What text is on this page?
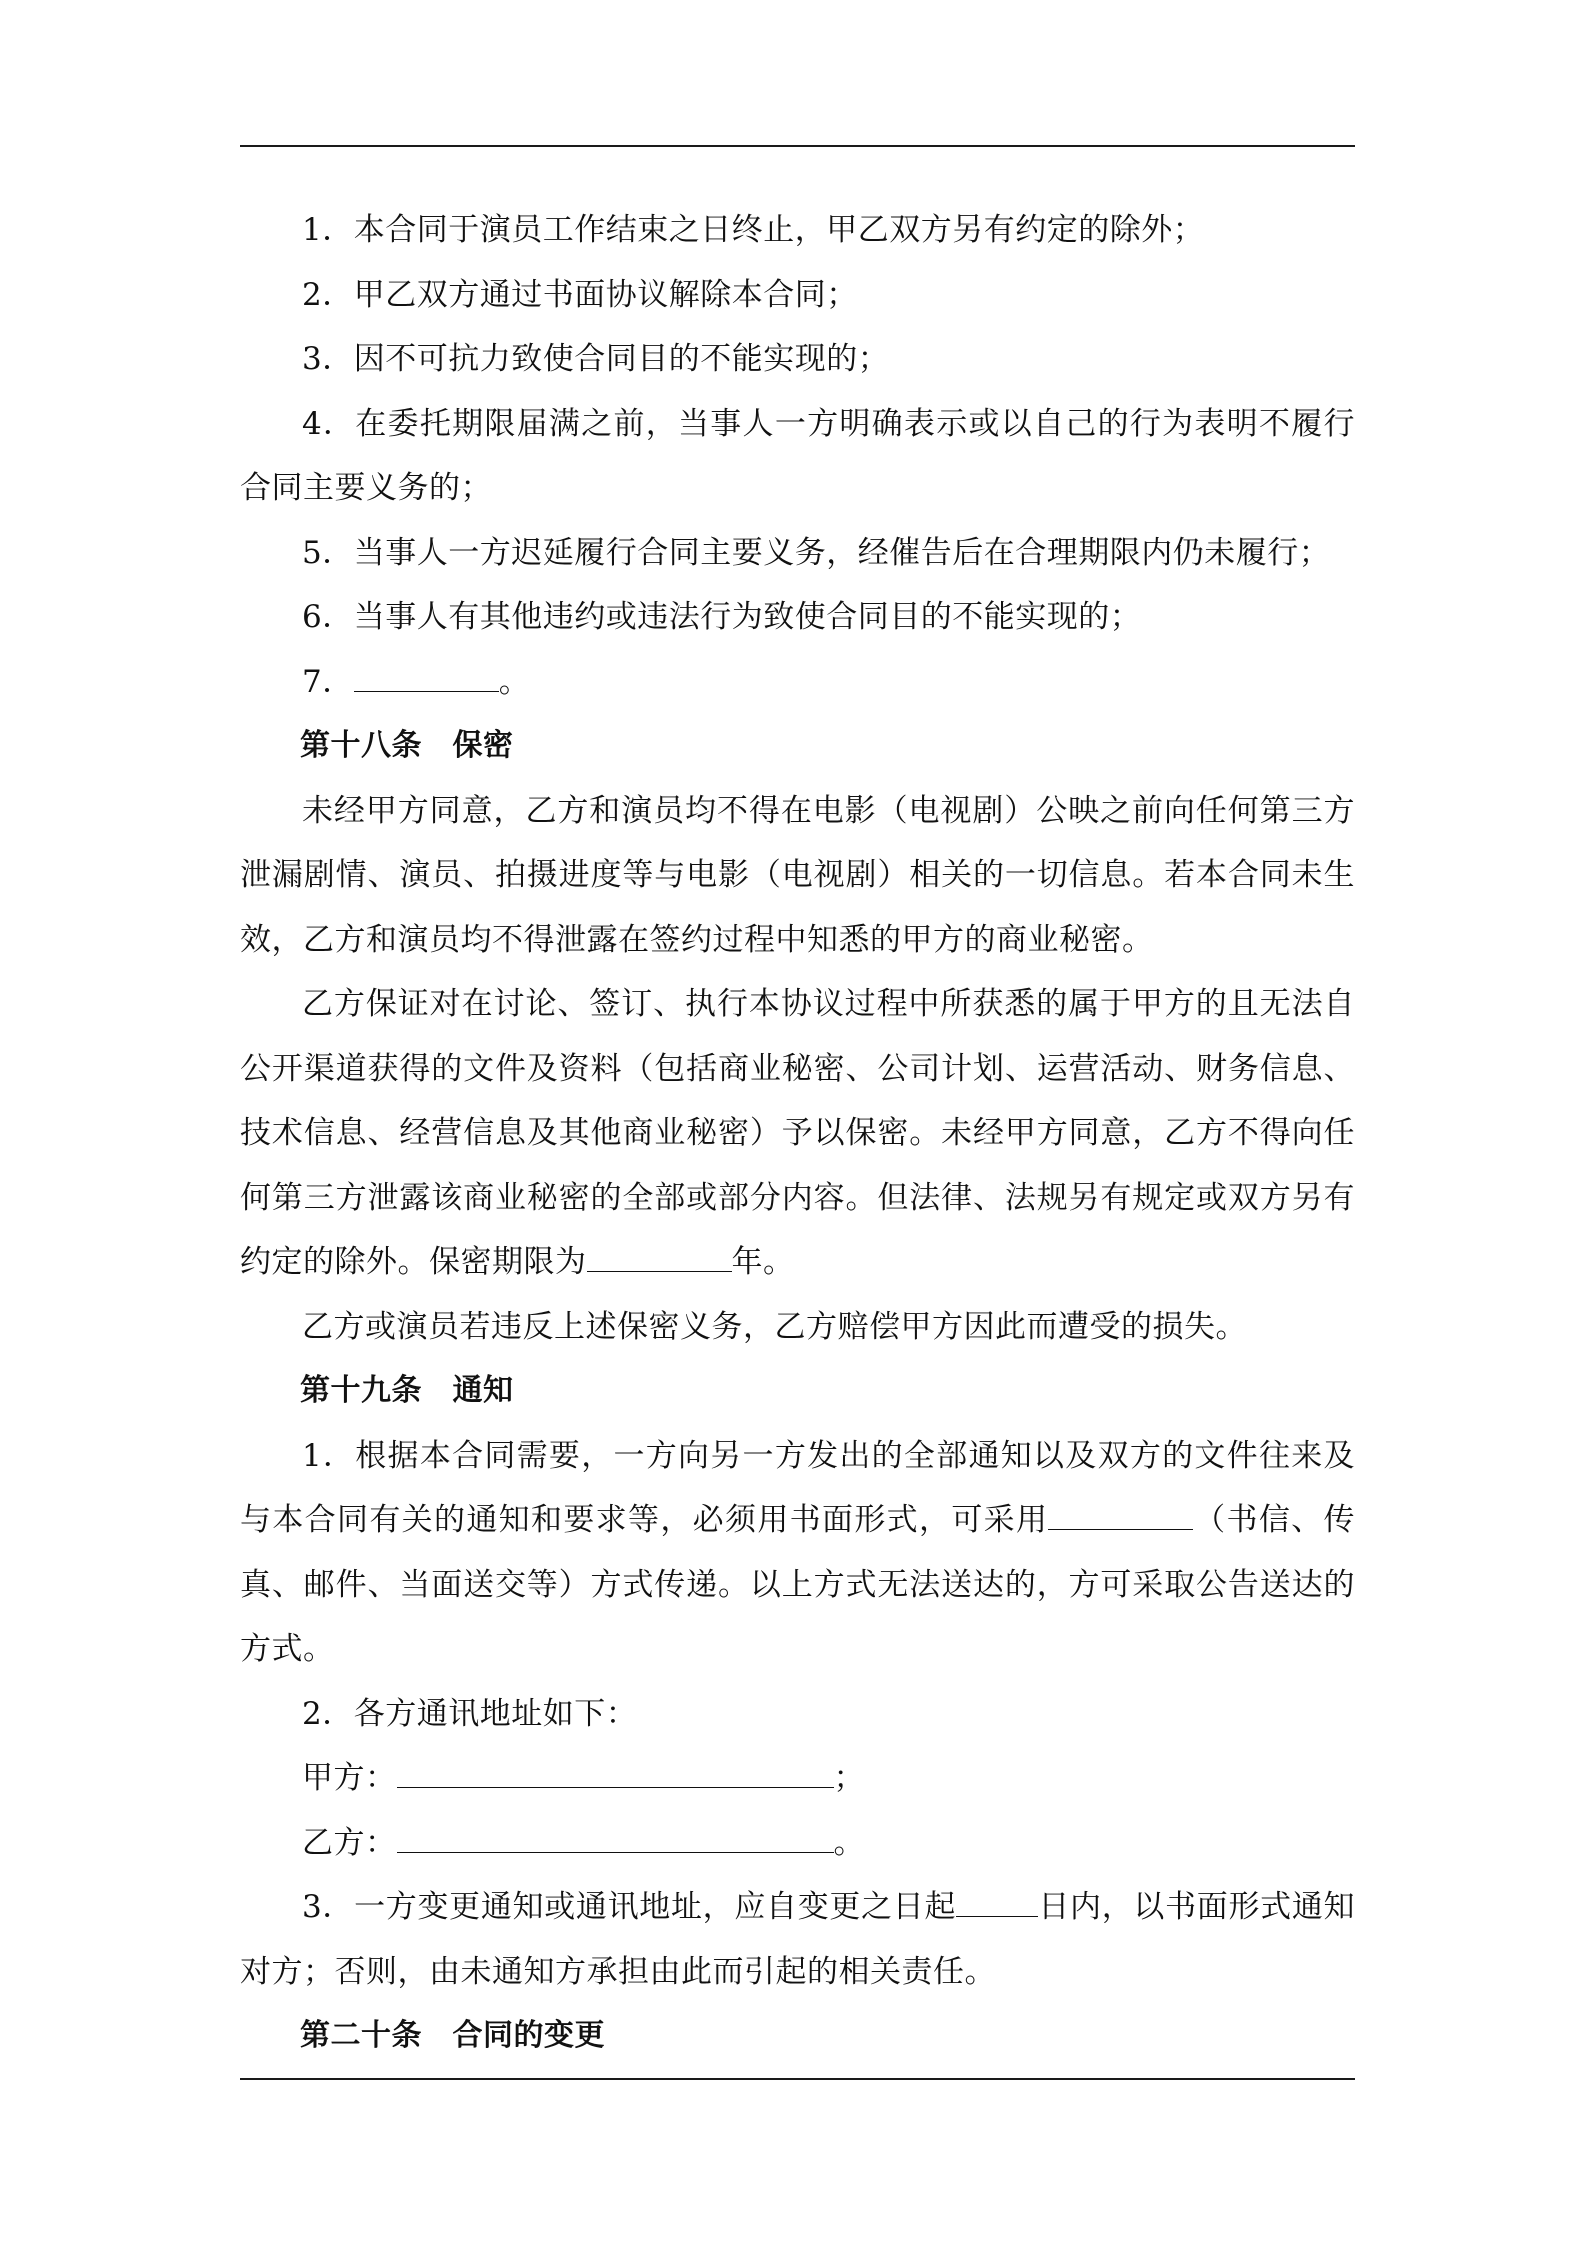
1．本合同于演员工作结束之日终止，甲乙双方另有约定的除外；

2．甲乙双方通过书面协议解除本合同；

3．因不可抗力致使合同目的不能实现的；

4．在委托期限届满之前，当事人一方明确表示或以自己的行为表明不履行合同主要义务的；

5．当事人一方迟延履行合同主要义务，经催告后在合理期限内仍未履行；

6．当事人有其他违约或违法行为致使合同目的不能实现的；

7．	。

第十八条　保密

未经甲方同意，乙方和演员均不得在电影（电视剧）公映之前向任何第三方泄漏剧情、演员、拍摄进度等与电影（电视剧）相关的一切信息。若本合同未生效，乙方和演员均不得泄露在签约过程中知悉的甲方的商业秘密。

乙方保证对在讨论、签订、执行本协议过程中所获悉的属于甲方的且无法自公开渠道获得的文件及资料（包括商业秘密、公司计划、运营活动、财务信息、技术信息、经营信息及其他商业秘密）予以保密。未经甲方同意，乙方不得向任何第三方泄露该商业秘密的全部或部分内容。但法律、法规另有规定或双方另有约定的除外。保密期限为	年。

乙方或演员若违反上述保密义务，乙方赔偿甲方因此而遭受的损失。

第十九条　通知

1．根据本合同需要，一方向另一方发出的全部通知以及双方的文件往来及与本合同有关的通知和要求等，必须用书面形式，可采用	（书信、传真、邮件、当面送交等）方式传递。以上方式无法送达的，方可采取公告送达的方式。

2．各方通讯地址如下：

甲方：	；

乙方：	。

3．一方变更通知或通讯地址，应自变更之日起	日内，以书面形式通知对方；否则，由未通知方承担由此而引起的相关责任。

第二十条　合同的变更
